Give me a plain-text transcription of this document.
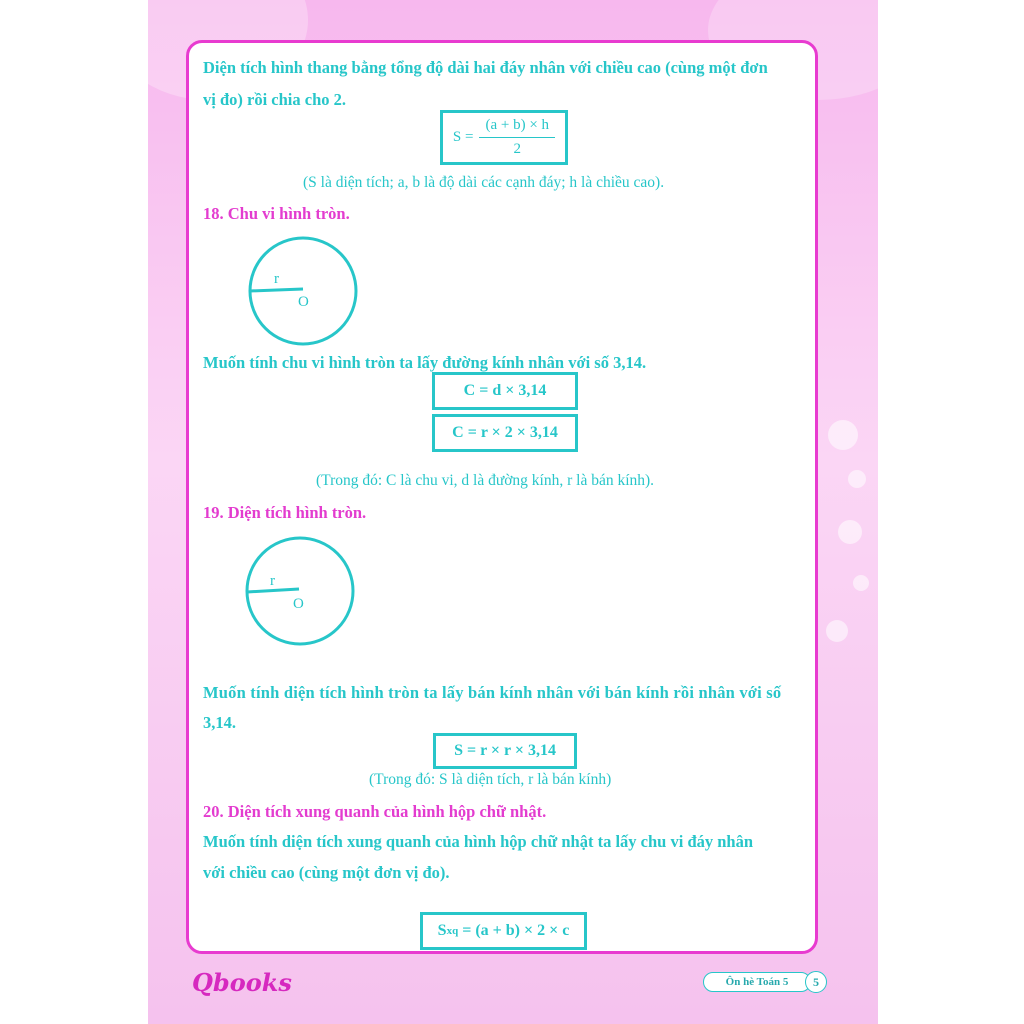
Diện tích hình thang bằng tổng độ dài hai đáy nhân với chiều cao (cùng một đơn
vị đo) rồi chia cho 2.
$S = \frac{(a + b) \times h}{2}$
(S là diện tích; a, b là độ dài các cạnh đáy; h là chiều cao).
18. Chu vi hình tròn.
r
O
Muốn tính chu vi hình tròn ta lấy đường kính nhân với số 3,14.
C = d × 3,14
C = r × 2 × 3,14
(Trong đó: C là chu vi, d là đường kính, r là bán kính).
19. Diện tích hình tròn.
r
O
Muốn tính diện tích hình tròn ta lấy bán kính nhân với bán kính rồi nhân với số
3,14.
S = r × r × 3,14
(Trong đó: S là diện tích, r là bán kính)
20. Diện tích xung quanh của hình hộp chữ nhật.
Muốn tính diện tích xung quanh của hình hộp chữ nhật ta lấy chu vi đáy nhân
với chiều cao (cùng một đơn vị đo).
S xq = (a + b) × 2 × c
Qbooks	Ôn hè Toán 5	5
